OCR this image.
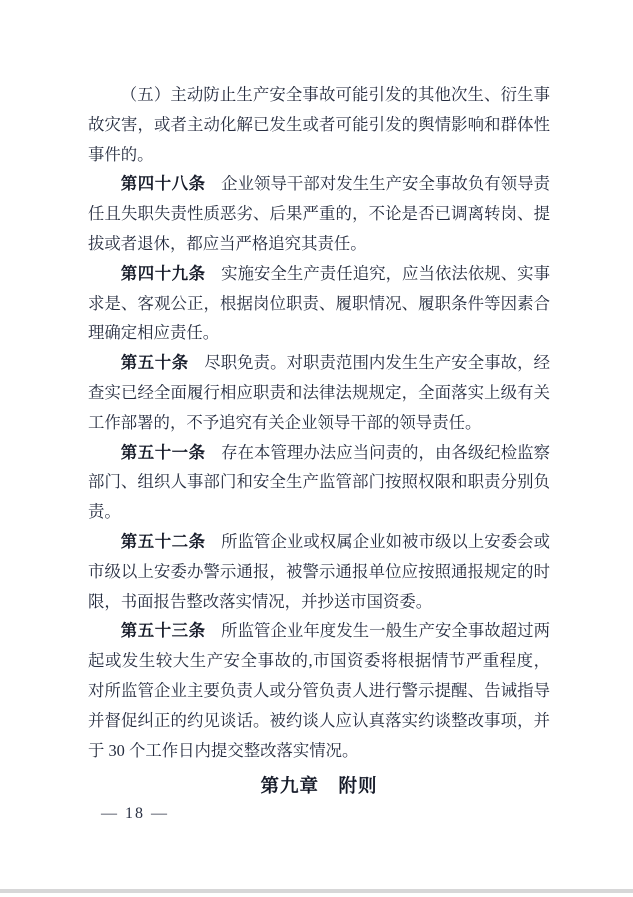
（五）主动防止生产安全事故可能引发的其他次生、衍生事故灾害，或者主动化解已发生或者可能引发的舆情影响和群体性事件的。

第四十八条 企业领导干部对发生生产安全事故负有领导责任且失职失责性质恶劣、后果严重的，不论是否已调离转岗、提拔或者退休，都应当严格追究其责任。

第四十九条 实施安全生产责任追究，应当依法依规、实事求是、客观公正，根据岗位职责、履职情况、履职条件等因素合理确定相应责任。

第五十条 尽职免责。对职责范围内发生生产安全事故，经查实已经全面履行相应职责和法律法规规定，全面落实上级有关工作部署的，不予追究有关企业领导干部的领导责任。

第五十一条 存在本管理办法应当问责的，由各级纪检监察部门、组织人事部门和安全生产监管部门按照权限和职责分别负责。

第五十二条 所监管企业或权属企业如被市级以上安委会或市级以上安委办警示通报，被警示通报单位应按照通报规定的时限，书面报告整改落实情况，并抄送市国资委。

第五十三条 所监管企业年度发生一般生产安全事故超过两起或发生较大生产安全事故的,市国资委将根据情节严重程度，对所监管企业主要负责人或分管负责人进行警示提醒、告诫指导并督促纠正的约见谈话。被约谈人应认真落实约谈整改事项，并于 30 个工作日内提交整改落实情况。

第九章　附则
— 18 —
